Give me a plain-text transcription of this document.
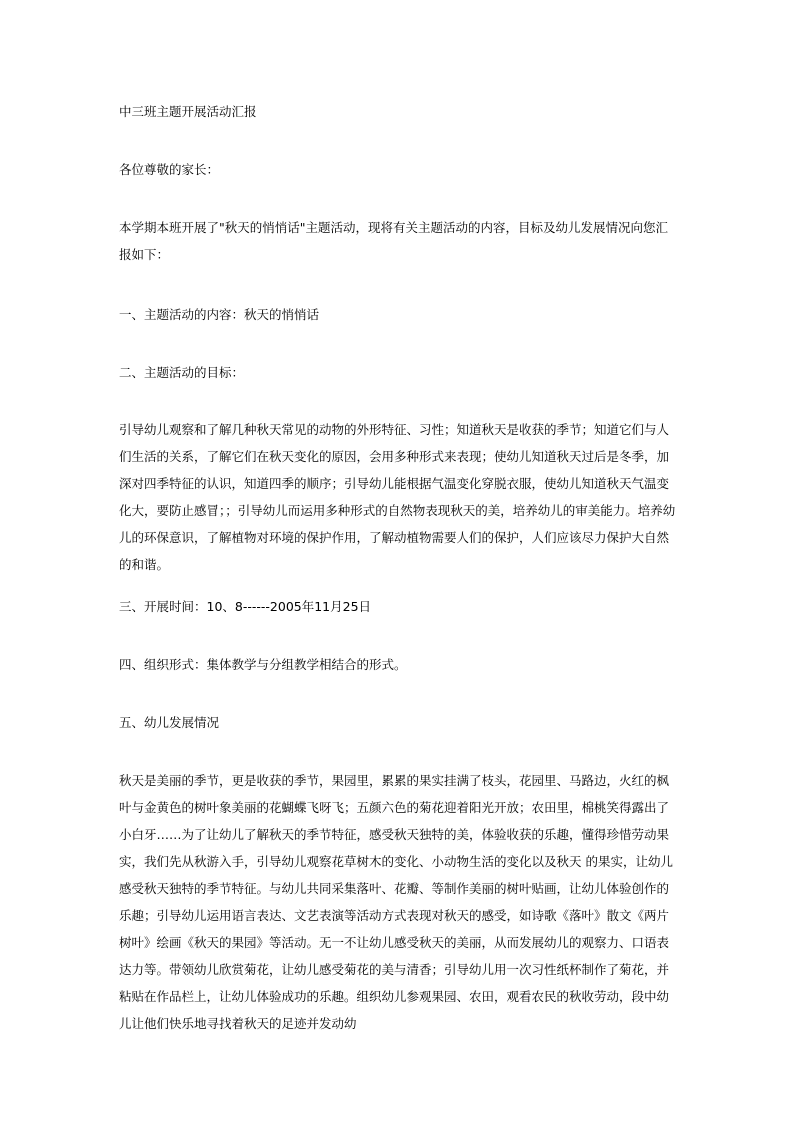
中三班主题开展活动汇报
各位尊敬的家长：
本学期本班开展了"秋天的悄悄话"主题活动，现将有关主题活动的内容，目标及幼儿发展情况向您汇报如下：
一、主题活动的内容：秋天的悄悄话
二、主题活动的目标：
引导幼儿观察和了解几种秋天常见的动物的外形特征、习性；知道秋天是收获的季节；知道它们与人们生活的关系，了解它们在秋天变化的原因，会用多种形式来表现；使幼儿知道秋天过后是冬季，加深对四季特征的认识，知道四季的顺序；引导幼儿能根据气温变化穿脱衣服，使幼儿知道秋天气温变化大，要防止感冒；；引导幼儿而运用多种形式的自然物表现秋天的美，培养幼儿的审美能力。培养幼儿的环保意识，了解植物对环境的保护作用，了解动植物需要人们的保护，人们应该尽力保护大自然的和谐。
三、开展时间：10、8------2005年11月25日
四、组织形式：集体教学与分组教学相结合的形式。
五、幼儿发展情况
秋天是美丽的季节，更是收获的季节，果园里，累累的果实挂满了枝头，花园里、马路边，火红的枫叶与金黄色的树叶象美丽的花蝴蝶飞呀飞；五颜六色的菊花迎着阳光开放；农田里，棉桃笑得露出了小白牙……为了让幼儿了解秋天的季节特征，感受秋天独特的美，体验收获的乐趣，懂得珍惜劳动果实，我们先从秋游入手，引导幼儿观察花草树木的变化、小动物生活的变化以及秋天 的果实，让幼儿感受秋天独特的季节特征。与幼儿共同采集落叶、花瓣、等制作美丽的树叶贴画，让幼儿体验创作的乐趣；引导幼儿运用语言表达、文艺表演等活动方式表现对秋天的感受，如诗歌《落叶》散文《两片 树叶》绘画《秋天的果园》等活动。无一不让幼儿感受秋天的美丽，从而发展幼儿的观察力、口语表达力等。带领幼儿欣赏菊花，让幼儿感受菊花的美与清香；引导幼儿用一次习性纸杯制作了菊花，并粘贴在作品栏上，让幼儿体验成功的乐趣。组织幼儿参观果园、农田，观看农民的秋收劳动，段中幼儿让他们快乐地寻找着秋天的足迹并发动幼
